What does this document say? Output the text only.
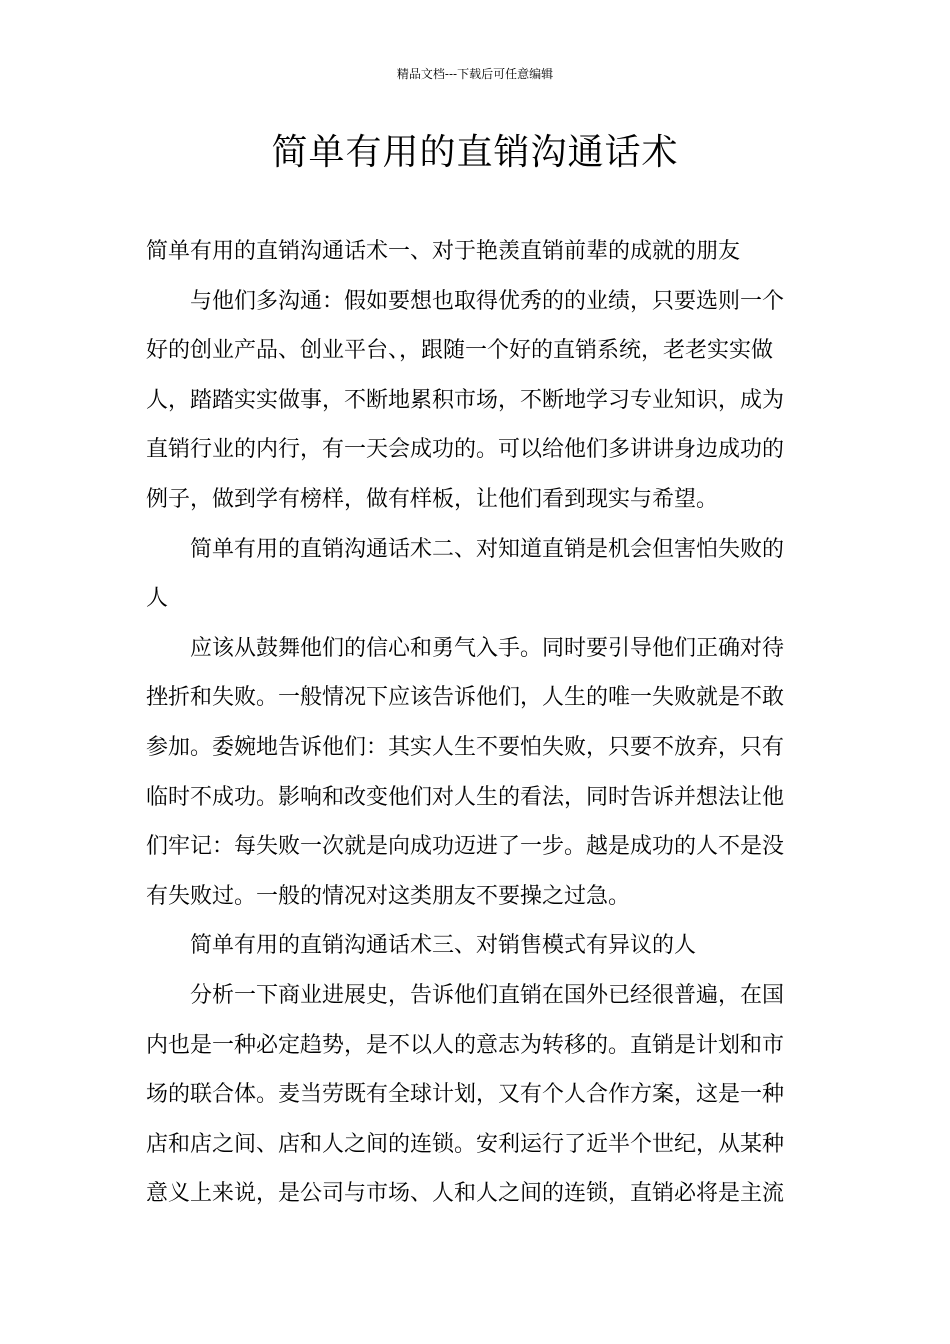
精品文档---下载后可任意编辑
简单有用的直销沟通话术
简单有用的直销沟通话术一、对于艳羡直销前辈的成就的朋友
与他们多沟通：假如要想也取得优秀的的业绩，只要选则一个
好的创业产品、创业平台、，跟随一个好的直销系统，老老实实做
人，踏踏实实做事，不断地累积市场，不断地学习专业知识，成为
直销行业的内行，有一天会成功的。可以给他们多讲讲身边成功的
例子，做到学有榜样，做有样板，让他们看到现实与希望。
简单有用的直销沟通话术二、对知道直销是机会但害怕失败的
人
应该从鼓舞他们的信心和勇气入手。同时要引导他们正确对待
挫折和失败。一般情况下应该告诉他们，人生的唯一失败就是不敢
参加。委婉地告诉他们：其实人生不要怕失败，只要不放弃，只有
临时不成功。影响和改变他们对人生的看法，同时告诉并想法让他
们牢记：每失败一次就是向成功迈进了一步。越是成功的人不是没
有失败过。一般的情况对这类朋友不要操之过急。
简单有用的直销沟通话术三、对销售模式有异议的人
分析一下商业进展史，告诉他们直销在国外已经很普遍，在国
内也是一种必定趋势，是不以人的意志为转移的。直销是计划和市
场的联合体。麦当劳既有全球计划，又有个人合作方案，这是一种
店和店之间、店和人之间的连锁。安利运行了近半个世纪，从某种
意义上来说，是公司与市场、人和人之间的连锁，直销必将是主流
